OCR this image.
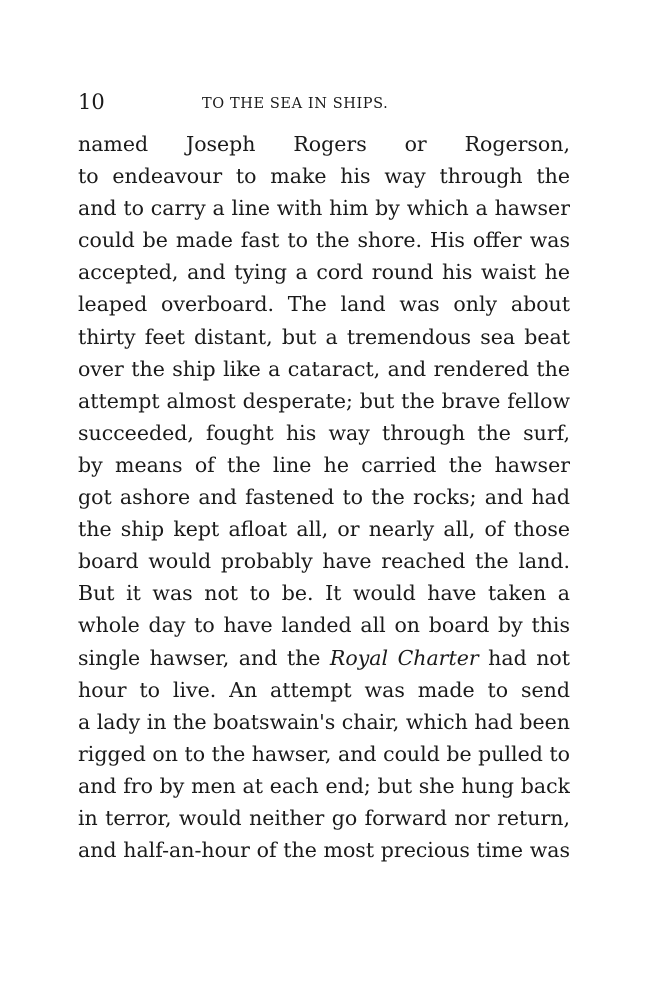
10	TO THE SEA IN SHIPS.
named Joseph Rogers or Rogerson,
to endeavour to make his way through the
and to carry a line with him by which a hawser
could be made fast to the shore. His offer was
accepted, and tying a cord round his waist he
leaped overboard. The land was only about
thirty feet distant, but a tremendous sea beat
over the ship like a cataract, and rendered the
attempt almost desperate; but the brave fellow
succeeded, fought his way through the surf,
by means of the line he carried the hawser
got ashore and fastened to the rocks; and had
the ship kept afloat all, or nearly all, of those
board would probably have reached the land.
But it was not to be. It would have taken a
whole day to have landed all on board by this
single hawser, and the Royal Charter had not
hour to live. An attempt was made to send
a lady in the boatswain's chair, which had been
rigged on to the hawser, and could be pulled to
and fro by men at each end; but she hung back
in terror, would neither go forward nor return,
and half-an-hour of the most precious time was
